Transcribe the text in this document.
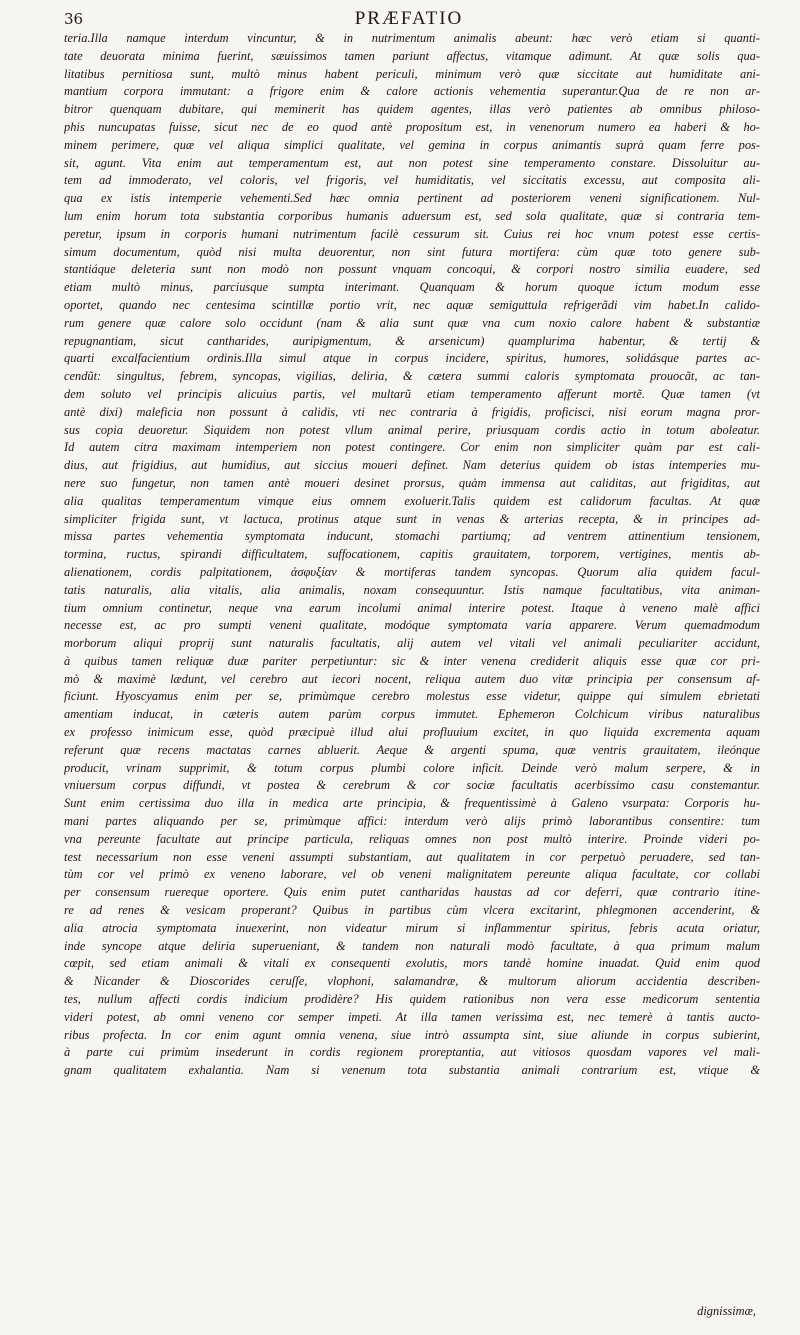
36	PRÆFATIO
teria.Illa namque interdum vincuntur, & in nutrimentum animalis abeunt: hæc verò etiam si quanti-
tate deuorata minima fuerint, sæuissimos tamen pariunt affectus, vitamque adimunt. At quæ solis qua-
litatibus pernitiosa sunt, multò minus habent periculi, minimum verò quæ siccitate aut humiditate ani-
mantium corpora immutant: a frigore enim & calore actionis vehementia superantur.Qua de re non ar-
bitror quenquam dubitare, qui meminerit has quidem agentes, illas verò patientes ab omnibus philoso-
phis nuncupatas fuisse, sicut nec de eo quod antè propositum est, in venenorum numero ea haberi & ho-
minem perimere, quæ vel aliqua simplici qualitate, vel gemina in corpus animantis suprà quam ferre pos-
sit, agunt. Vita enim aut temperamentum est, aut non potest sine temperamento constare. Dissoluitur au-
tem ad immoderato, vel coloris, vel frigoris, vel humiditatis, vel siccitatis excessu, aut composita ali-
qua ex istis intemperie vehementi.Sed hæc omnia pertinent ad posteriorem veneni significationem. Nul-
lum enim horum tota substantia corporibus humanis aduersum est, sed sola qualitate, quæ si contraria tem-
peretur, ipsum in corporis humani nutrimentum facilè cessurum sit. Cuius rei hoc vnum potest esse certis-
simum documentum, quòd nisi multa deuorentur, non sint futura mortifera: cùm quæ toto genere sub-
stantiáque deleteria sunt non modò non possunt vnquam concoqui, & corpori nostro similia euadere, sed
etiam multò minus, parciusque sumpta interimant. Quanquam & horum quoque ictum modum esse
oportet, quando nec centesima scintillæ portio vrit, nec aquæ semiguttula refrigerãdi vim habet.In calido-
rum genere quæ calore solo occidunt (nam & alia sunt quæ vna cum noxio calore habent & substantiæ
repugnantiam, sicut cantharides, auripigmentum, & arsenicum) quamplurima habentur, & tertij &
quarti excalfacientium ordinis.Illa simul atque in corpus incidere, spiritus, humores, solidásque partes ac-
cendũt: singultus, febrem, syncopas, vigilias, deliria, & cætera summi caloris symptomata prouocãt, ac tan-
dem soluto vel principis alicuius partis, vel multarũ etiam temperamento afferunt mortẽ. Quæ tamen (vt
antè dixi) maleficia non possunt à calidis, vti nec contraria à frigidis, proficisci, nisi eorum magna pror-
sus copia deuoretur. Siquidem non potest vllum animal perire, priusquam cordis actio in totum aboleatur.
Id autem citra maximam intemperiem non potest contingere. Cor enim non simpliciter quàm par est cali-
dius, aut frigidius, aut humidius, aut siccius moueri definet. Nam deterius quidem ob istas intemperies mu-
nere suo fungetur, non tamen antè moueri desinet prorsus, quàm immensa aut caliditas, aut frigiditas, aut
alia qualitas temperamentum vimque eius omnem exoluerit.Talis quidem est calidorum facultas. At quæ
simpliciter frigida sunt, vt lactuca, protinus atque sunt in venas & arterias recepta, & in principes ad-
missa partes vehementia symptomata inducunt, stomachi partiumq; ad ventrem attinentium tensionem,
tormina, ructus, spirandi difficultatem, suffocationem, capitis grauitatem, torporem, vertigines, mentis ab-
alienationem, cordis palpitationem, ἀσφυξίαν & mortiferas tandem syncopas. Quorum alia quidem facul-
tatis naturalis, alia vitalis, alia animalis, noxam consequuntur. Istis namque facultatibus, vita animan-
tium omnium continetur, neque vna earum incolumi animal interire potest. Itaque à veneno malè affici
necesse est, ac pro sumpti veneni qualitate, modóque symptomata varia apparere. Verum quemadmodum
morborum aliqui proprij sunt naturalis facultatis, alij autem vel vitali vel animali peculiariter accidunt,
à quibus tamen reliquæ duæ pariter perpetiuntur: sic & inter venena crediderit aliquis esse quæ cor pri-
mò & maximè lædunt, vel cerebro aut iecori nocent, reliqua autem duo vitæ principia per consensum af-
ficiunt. Hyoscyamus enim per se, primùmque cerebro molestus esse videtur, quippe qui simulem ebrietati
amentiam inducat, in cæteris autem parùm corpus immutet. Ephemeron Colchicum viribus naturalibus
ex professo inimicum esse, quòd præcipuè illud alui profluuium excitet, in quo liquida excrementa aquam
referunt quæ recens mactatas carnes abluerit. Aeque & argenti spuma, quæ ventris grauitatem, ileónque
producit, vrinam supprimit, & totum corpus plumbi colore inficit. Deinde verò malum serpere, & in
vniuersum corpus diffundi, vt postea & cerebrum & cor sociæ facultatis acerbissimo casu constemantur.
Sunt enim certissima duo illa in medica arte principia, & frequentissimè à Galeno vsurpata: Corporis hu-
mani partes aliquando per se, primùmque affici: interdum verò alijs primò laborantibus consentire: tum
vna pereunte facultate aut principe particula, reliquas omnes non post multò interire. Proinde videri po-
test necessarium non esse veneni assumpti substantiam, aut qualitatem in cor perpetuò peruadere, sed tan-
tùm cor vel primò ex veneno laborare, vel ob veneni malignitatem pereunte aliqua facultate, cor collabi
per consensum ruereque oportere. Quis enim putet cantharidas haustas ad cor deferri, quæ contrario itine-
re ad renes & vesicam properant? Quibus in partibus cùm vlcera excitarint, phlegmonen accenderint, &
alia atrocia symptomata inuexerint, non videatur mirum si inflammentur spiritus, febris acuta oriatur,
inde syncope atque deliria superueniant, & tandem non naturali modò facultate, à qua primum malum
cœpit, sed etiam animali & vitali ex consequenti exolutis, mors tandè homine inuadat. Quid enim quod
& Nicander & Dioscorides ceruſſe, vlophoni, salamandræ, & multorum aliorum accidentia describen-
tes, nullum affecti cordis indicium prodidère? His quidem rationibus non vera esse medicorum sententia
videri potest, ab omni veneno cor semper impeti. At illa tamen verissima est, nec temerè à tantis aucto-
ribus profecta. In cor enim agunt omnia venena, siue intrò assumpta sint, siue aliunde in corpus subierint,
à parte cui primùm insederunt in cordis regionem proreptantia, aut vitiosos quosdam vapores vel mali-
gnam qualitatem exhalantia. Nam si venenum tota substantia animali contrarium est, vtique &
dignissimæ,
